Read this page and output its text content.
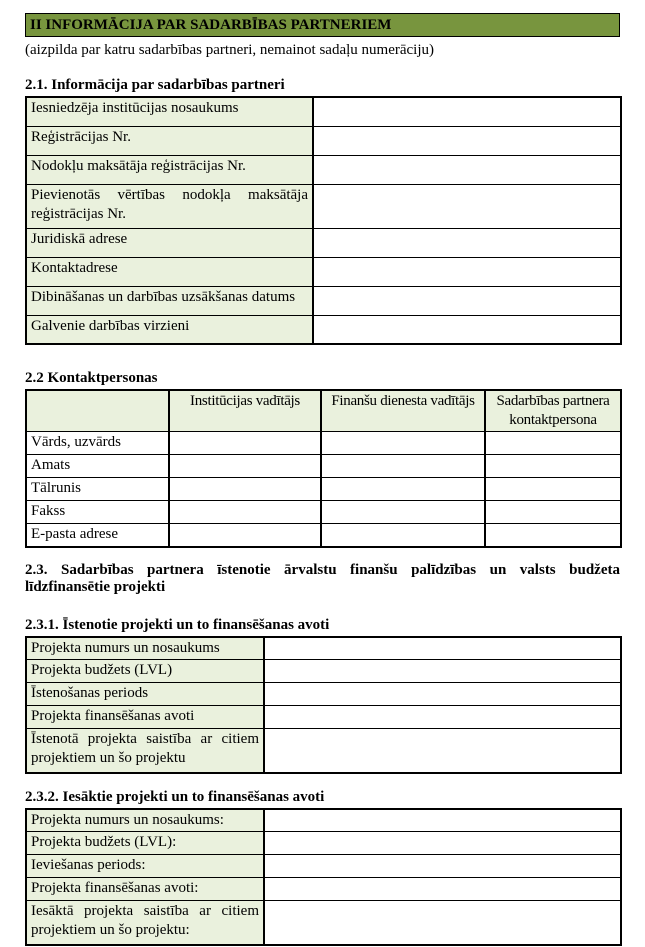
II INFORMĀCIJA PAR SADARBĪBAS PARTNERIEM
(aizpilda par katru sadarbības partneri, nemainot sadaļu numerāciju)
2.1. Informācija par sadarbības partneri
Iesniedzēja institūcijas nosaukums	
Reģistrācijas Nr.	
Nodokļu maksātāja reģistrācijas Nr.	
Pievienotās vērtības nodokļa maksātāja reģistrācijas Nr.	
Juridiskā adrese	
Kontaktadrese	
Dibināšanas un darbības uzsākšanas datums	
Galvenie darbības virzieni	
2.2 Kontaktpersonas
	Institūcijas vadītājs	Finanšu dienesta vadītājs	Sadarbības partnera kontaktpersona
Vārds, uzvārds			
Amats			
Tālrunis			
Fakss			
E-pasta adrese			
2.3. Sadarbības partnera īstenotie ārvalstu finanšu palīdzības un valsts budžeta līdzfinansētie projekti
2.3.1. Īstenotie projekti un to finansēšanas avoti
Projekta numurs un nosaukums	
Projekta budžets (LVL)	
Īstenošanas periods	
Projekta finansēšanas avoti	
Īstenotā projekta saistība ar citiem projektiem un šo projektu	
2.3.2. Iesāktie projekti un to finansēšanas avoti
Projekta numurs un nosaukums:	
Projekta budžets (LVL):	
Ieviešanas periods:	
Projekta finansēšanas avoti:	
Iesāktā projekta saistība ar citiem projektiem un šo projektu:	
